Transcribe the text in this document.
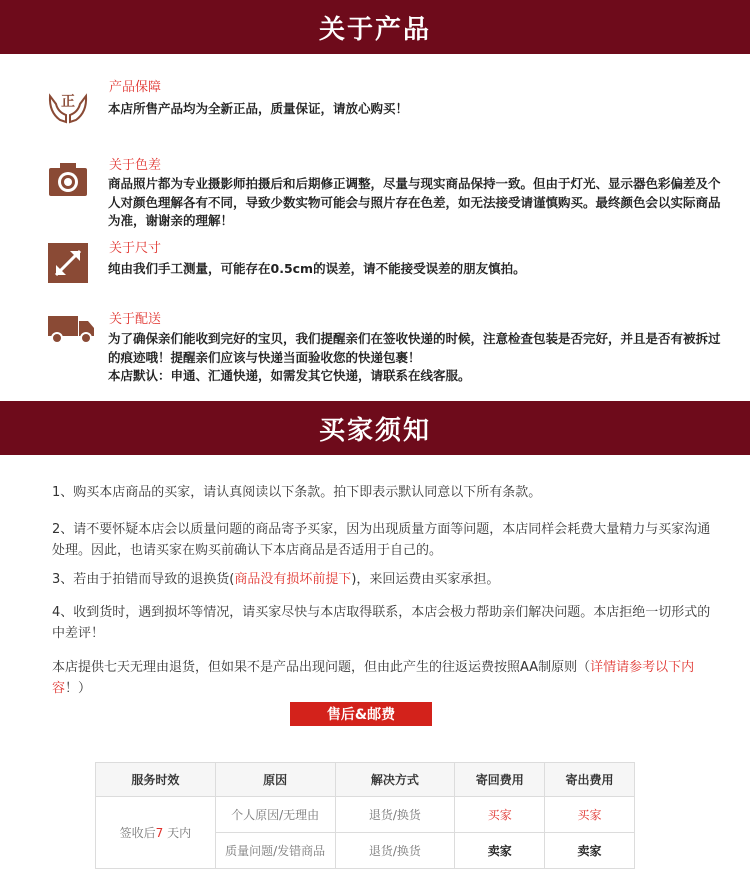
关于产品
正
产品保障
本店所售产品均为全新正品，质量保证，请放心购买！
关于色差
商品照片都为专业摄影师拍摄后和后期修正调整，尽量与现实商品保持一致。但由于灯光、显示器色彩偏差及个人对颜色理解各有不同，导致少数实物可能会与照片存在色差，如无法接受请谨慎购买。最终颜色会以实际商品为准，谢谢亲的理解！
关于尺寸
纯由我们手工测量，可能存在0.5cm的误差，请不能接受误差的朋友慎拍。
关于配送
为了确保亲们能收到完好的宝贝，我们提醒亲们在签收快递的时候，注意检查包装是否完好，并且是否有被拆过的痕迹哦！提醒亲们应该与快递当面验收您的快递包裹！
本店默认：申通、汇通快递，如需发其它快递，请联系在线客服。
买家须知
1、购买本店商品的买家，请认真阅读以下条款。拍下即表示默认同意以下所有条款。
2、请不要怀疑本店会以质量问题的商品寄予买家，因为出现质量方面等问题，本店同样会耗费大量精力与买家沟通处理。因此，也请买家在购买前确认下本店商品是否适用于自己的。
3、若由于拍错而导致的退换货(商品没有损坏前提下)，来回运费由买家承担。
4、收到货时，遇到损坏等情况，请买家尽快与本店取得联系，本店会极力帮助亲们解决问题。本店拒绝一切形式的中差评！
本店提供七天无理由退货，但如果不是产品出现问题，但由此产生的往返运费按照AA制原则（详情请参考以下内容！）
售后&邮费
服务时效	原因	解决方式	寄回费用	寄出费用
签收后7 天内	个人原因/无理由	退货/换货	买家	买家
	质量问题/发错商品	退货/换货	卖家	卖家
